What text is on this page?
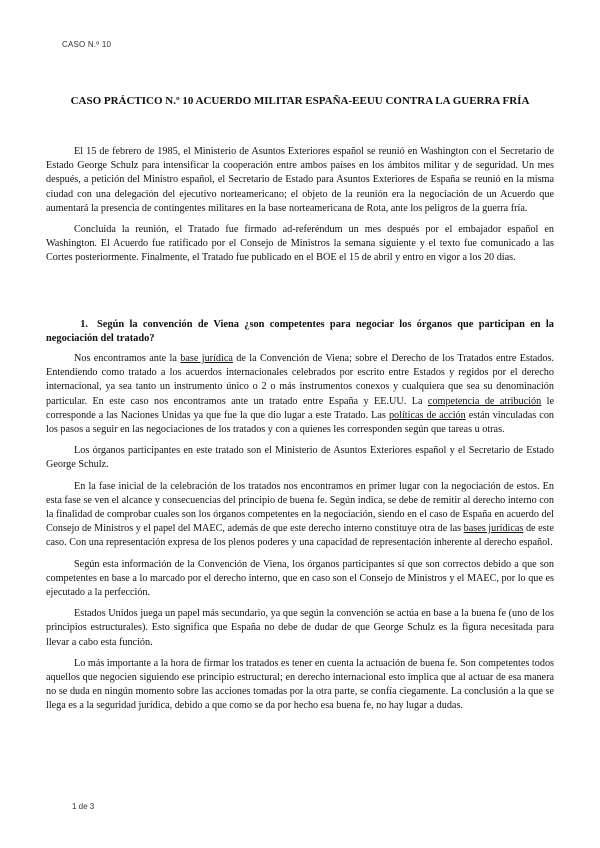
CASO N.º 10
CASO PRÁCTICO N.º 10 ACUERDO MILITAR ESPAÑA-EEUU CONTRA LA GUERRA FRÍA

El 15 de febrero de 1985, el Ministerio de Asuntos Exteriores español se reunió en Washington con el Secretario de Estado George Schulz para intensificar la cooperación entre ambos países en los ámbitos militar y de seguridad. Un mes después, a petición del Ministro español, el Secretario de Estado para Asuntos Exteriores de España se reunió en la misma ciudad con una delegación del ejecutivo norteamericano; el objeto de la reunión era la negociación de un Acuerdo que aumentará la presencia de contingentes militares en la base norteamericana de Rota, ante los peligros de la guerra fría.

Concluida la reunión, el Tratado fue firmado ad-referéndum un mes después por el embajador español en Washington. El Acuerdo fue ratificado por el Consejo de Ministros la semana siguiente y el texto fue comunicado a las Cortes posteriormente. Finalmente, el Tratado fue publicado en el BOE el 15 de abril y entro en vigor a los 20 días.

1. Según la convención de Viena ¿son competentes para negociar los órganos que participan en la negociación del tratado?

Nos encontramos ante la base jurídica de la Convención de Viena; sobre el Derecho de los Tratados entre Estados. Entendiendo como tratado a los acuerdos internacionales celebrados por escrito entre Estados y regidos por el derecho internacional, ya sea tanto un instrumento único o 2 o más instrumentos conexos y cualquiera que sea su denominación particular. En este caso nos encontramos ante un tratado entre España y EE.UU. La competencia de atribución le corresponde a las Naciones Unidas ya que fue la que dio lugar a este Tratado. Las políticas de acción están vinculadas con los pasos a seguir en las negociaciones de los tratados y con a quienes les corresponden según que tareas u otras.

Los órganos participantes en este tratado son el Ministerio de Asuntos Exteriores español y el Secretario de Estado George Schulz.

En la fase inicial de la celebración de los tratados nos encontramos en primer lugar con la negociación de estos. En esta fase se ven el alcance y consecuencias del principio de buena fe. Según indica, se debe de remitir al derecho interno con la finalidad de comprobar cuales son los órganos competentes en la negociación, siendo en el caso de España en acuerdo del Consejo de Ministros y el papel del MAEC, además de que este derecho interno constituye otra de las bases jurídicas de este caso. Con una representación expresa de los plenos poderes y una capacidad de representación inherente al derecho español.

Según esta información de la Convención de Viena, los órganos participantes sí que son correctos debido a que son competentes en base a lo marcado por el derecho interno, que en caso son el Consejo de Ministros y el MAEC, por lo que es ejecutado a la perfección.

Estados Unidos juega un papel más secundario, ya que según la convención se actúa en base a la buena fe (uno de los principios estructurales). Esto significa que España no debe de dudar de que George Schulz es la figura necesitada para llevar a cabo esta función.

Lo más importante a la hora de firmar los tratados es tener en cuenta la actuación de buena fe. Son competentes todos aquellos que negocien siguiendo ese principio estructural; en derecho internacional esto implica que al actuar de esa manera no se duda en ningún momento sobre las acciones tomadas por la otra parte, se confía ciegamente. La conclusión a la que se llega es a la seguridad jurídica, debido a que como se da por hecho esa buena fe, no hay lugar a dudas.

1 de 3
